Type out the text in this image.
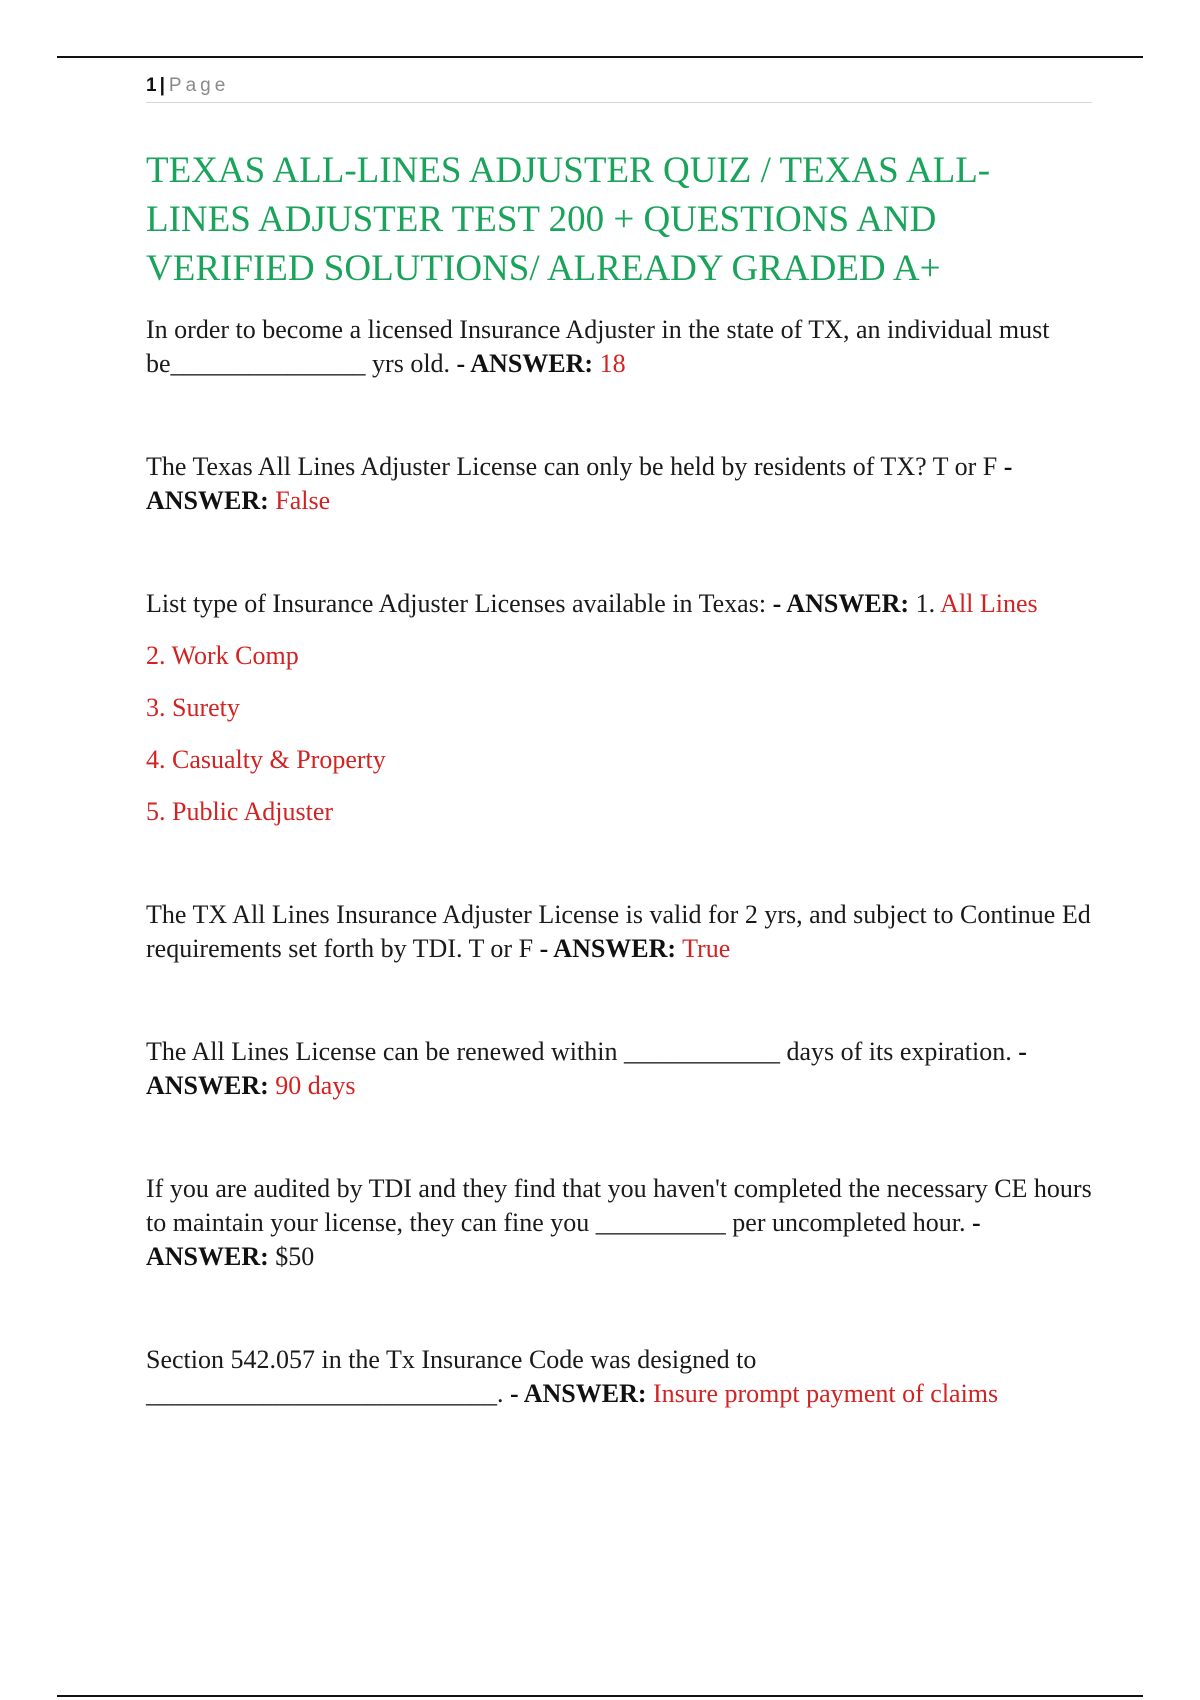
1 | Page
TEXAS ALL-LINES ADJUSTER QUIZ / TEXAS ALL-LINES ADJUSTER TEST 200 + QUESTIONS AND VERIFIED SOLUTIONS/ ALREADY GRADED A+

In order to become a licensed Insurance Adjuster in the state of TX, an individual must be_______________ yrs old. - ANSWER: 18

The Texas All Lines Adjuster License can only be held by residents of TX? T or F - ANSWER: False

List type of Insurance Adjuster Licenses available in Texas: - ANSWER: 1. All Lines

2. Work Comp

3. Surety

4. Casualty & Property

5. Public Adjuster

The TX All Lines Insurance Adjuster License is valid for 2 yrs, and subject to Continue Ed requirements set forth by TDI. T or F - ANSWER: True

The All Lines License can be renewed within ____________ days of its expiration. - ANSWER: 90 days

If you are audited by TDI and they find that you haven't completed the necessary CE hours to maintain your license, they can fine you __________ per uncompleted hour. - ANSWER: $50

Section 542.057 in the Tx Insurance Code was designed to ___________________________. - ANSWER: Insure prompt payment of claims
